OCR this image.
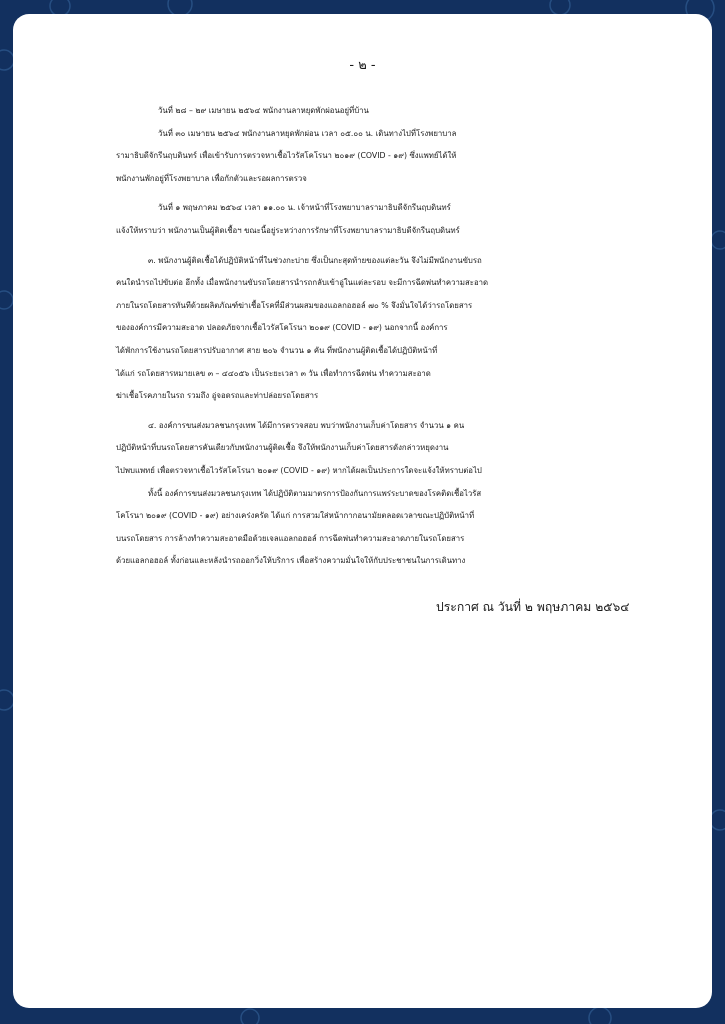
- ๒ -
วันที่ ๒๘ – ๒๙ เมษายน ๒๕๖๔ พนักงานลาหยุดพักผ่อนอยู่ที่บ้าน
วันที่ ๓๐ เมษายน ๒๕๖๔ พนักงานลาหยุดพักผ่อน เวลา ๐๕.๐๐ น. เดินทางไปที่โรงพยาบาล
รามาธิบดีจักรีนฤบดินทร์ เพื่อเข้ารับการตรวจหาเชื้อไวรัสโคโรนา ๒๐๑๙ (COVID - ๑๙) ซึ่งแพทย์ได้ให้
พนักงานพักอยู่ที่โรงพยาบาล เพื่อกักตัวและรอผลการตรวจ
วันที่ ๑ พฤษภาคม ๒๕๖๔ เวลา ๑๑.๐๐ น. เจ้าหน้าที่โรงพยาบาลรามาธิบดีจักรีนฤบดินทร์
แจ้งให้ทราบว่า พนักงานเป็นผู้ติดเชื้อฯ ขณะนี้อยู่ระหว่างการรักษาที่โรงพยาบาลรามาธิบดีจักรีนฤบดินทร์
๓. พนักงานผู้ติดเชื้อได้ปฏิบัติหน้าที่ในช่วงกะบ่าย ซึ่งเป็นกะสุดท้ายของแต่ละวัน จึงไม่มีพนักงานขับรถ
คนใดนำรถไปขับต่อ อีกทั้ง เมื่อพนักงานขับรถโดยสารนำรถกลับเข้าอู่ในแต่ละรอบ จะมีการฉีดพ่นทำความสะอาด
ภายในรถโดยสารทันทีด้วยผลิตภัณฑ์ฆ่าเชื้อโรคที่มีส่วนผสมของแอลกอฮอล์ ๗๐ % จึงมั่นใจได้ว่ารถโดยสาร
ขององค์การมีความสะอาด ปลอดภัยจากเชื้อไวรัสโคโรนา ๒๐๑๙ (COVID - ๑๙) นอกจากนี้ องค์การ
ได้พักการใช้งานรถโดยสารปรับอากาศ สาย ๒๐๖ จำนวน ๑ คัน ที่พนักงานผู้ติดเชื้อได้ปฏิบัติหน้าที่
ได้แก่ รถโดยสารหมายเลข ๓ – ๔๔๐๕๖ เป็นระยะเวลา ๓ วัน เพื่อทำการฉีดพ่น ทำความสะอาด
ฆ่าเชื้อโรคภายในรถ รวมถึง อู่จอดรถและท่าปล่อยรถโดยสาร
๔. องค์การขนส่งมวลชนกรุงเทพ ได้มีการตรวจสอบ พบว่าพนักงานเก็บค่าโดยสาร จำนวน ๑ คน
ปฏิบัติหน้าที่บนรถโดยสารคันเดียวกับพนักงานผู้ติดเชื้อ จึงให้พนักงานเก็บค่าโดยสารดังกล่าวหยุดงาน
ไปพบแพทย์ เพื่อตรวจหาเชื้อไวรัสโคโรนา ๒๐๑๙ (COVID - ๑๙) หากได้ผลเป็นประการใดจะแจ้งให้ทราบต่อไป
ทั้งนี้ องค์การขนส่งมวลชนกรุงเทพ ได้ปฏิบัติตามมาตรการป้องกันการแพร่ระบาดของโรคติดเชื้อไวรัส
โคโรนา ๒๐๑๙ (COVID - ๑๙) อย่างเคร่งครัด ได้แก่ การสวมใส่หน้ากากอนามัยตลอดเวลาขณะปฏิบัติหน้าที่
บนรถโดยสาร การล้างทำความสะอาดมือด้วยเจลแอลกอฮอล์ การฉีดพ่นทำความสะอาดภายในรถโดยสาร
ด้วยแอลกอฮอล์ ทั้งก่อนและหลังนำรถออกวิ่งให้บริการ เพื่อสร้างความมั่นใจให้กับประชาชนในการเดินทาง
ประกาศ ณ วันที่ ๒ พฤษภาคม ๒๕๖๔
